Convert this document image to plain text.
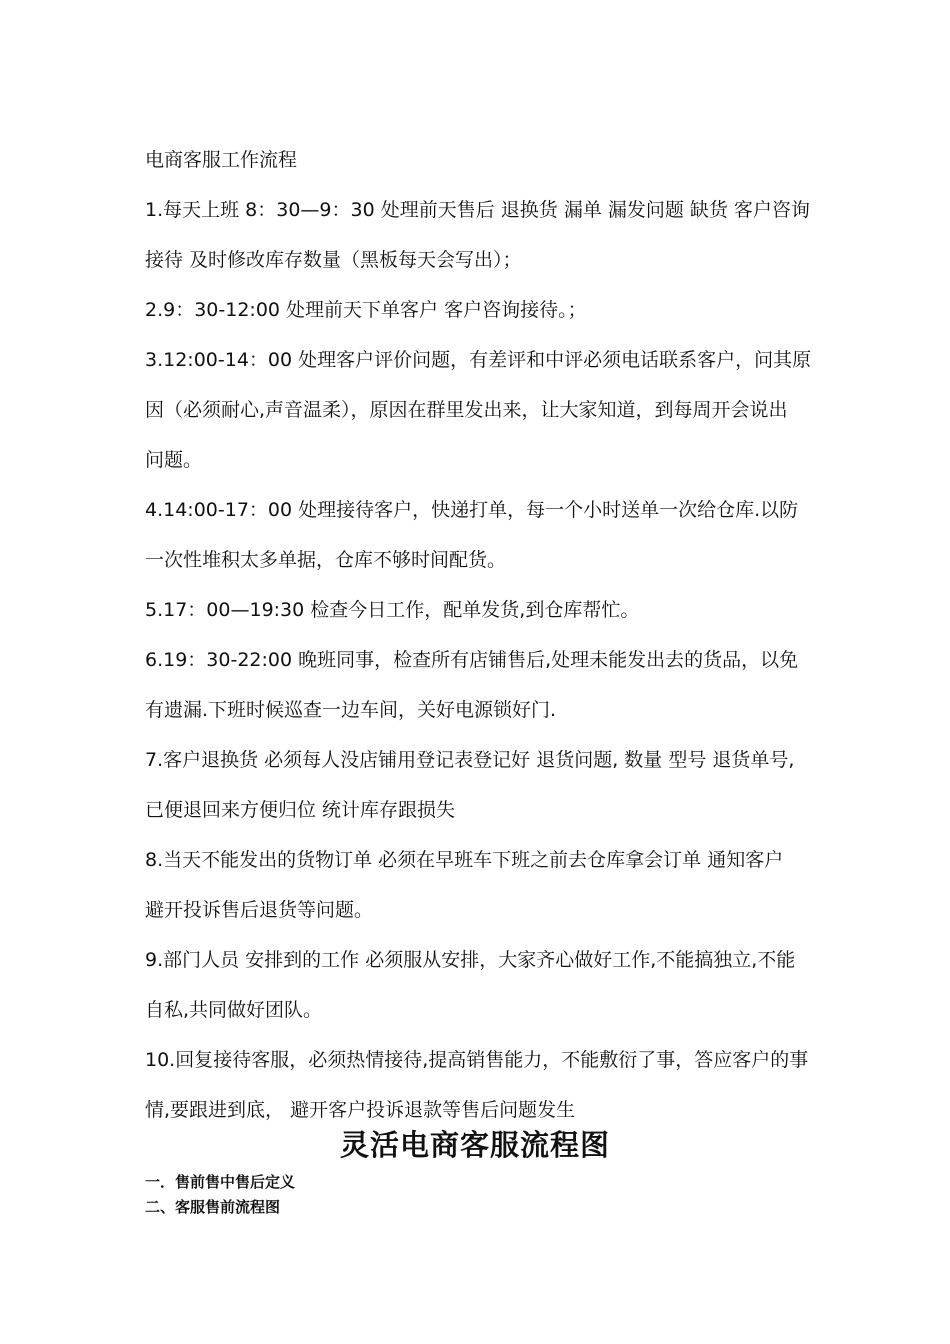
电商客服工作流程

1.每天上班 8：30—9：30 处理前天售后 退换货 漏单 漏发问题 缺货 客户咨询

接待 及时修改库存数量（黑板每天会写出）；

2.9：30-12:00 处理前天下单客户 客户咨询接待。；

3.12:00-14：00 处理客户评价问题，有差评和中评必须电话联系客户，问其原

因（必须耐心,声音温柔），原因在群里发出来，让大家知道，到每周开会说出

问题。

4.14:00-17：00 处理接待客户，快递打单，每一个小时送单一次给仓库.以防

一次性堆积太多单据，仓库不够时间配货。

5.17：00—19:30 检查今日工作，配单发货,到仓库帮忙。

6.19：30-22:00 晚班同事，检查所有店铺售后,处理未能发出去的货品，以免

有遗漏.下班时候巡查一边车间，关好电源锁好门.

7.客户退换货 必须每人没店铺用登记表登记好 退货问题, 数量 型号 退货单号,

已便退回来方便归位 统计库存跟损失

8.当天不能发出的货物订单 必须在早班车下班之前去仓库拿会订单 通知客户

避开投诉售后退货等问题。

9.部门人员 安排到的工作 必须服从安排，大家齐心做好工作,不能搞独立,不能

自私,共同做好团队。

10.回复接待客服，必须热情接待,提高销售能力，不能敷衍了事，答应客户的事

情,要跟进到底， 避开客户投诉退款等售后问题发生

灵活电商客服流程图

一．售前售中售后定义

二、客服售前流程图
